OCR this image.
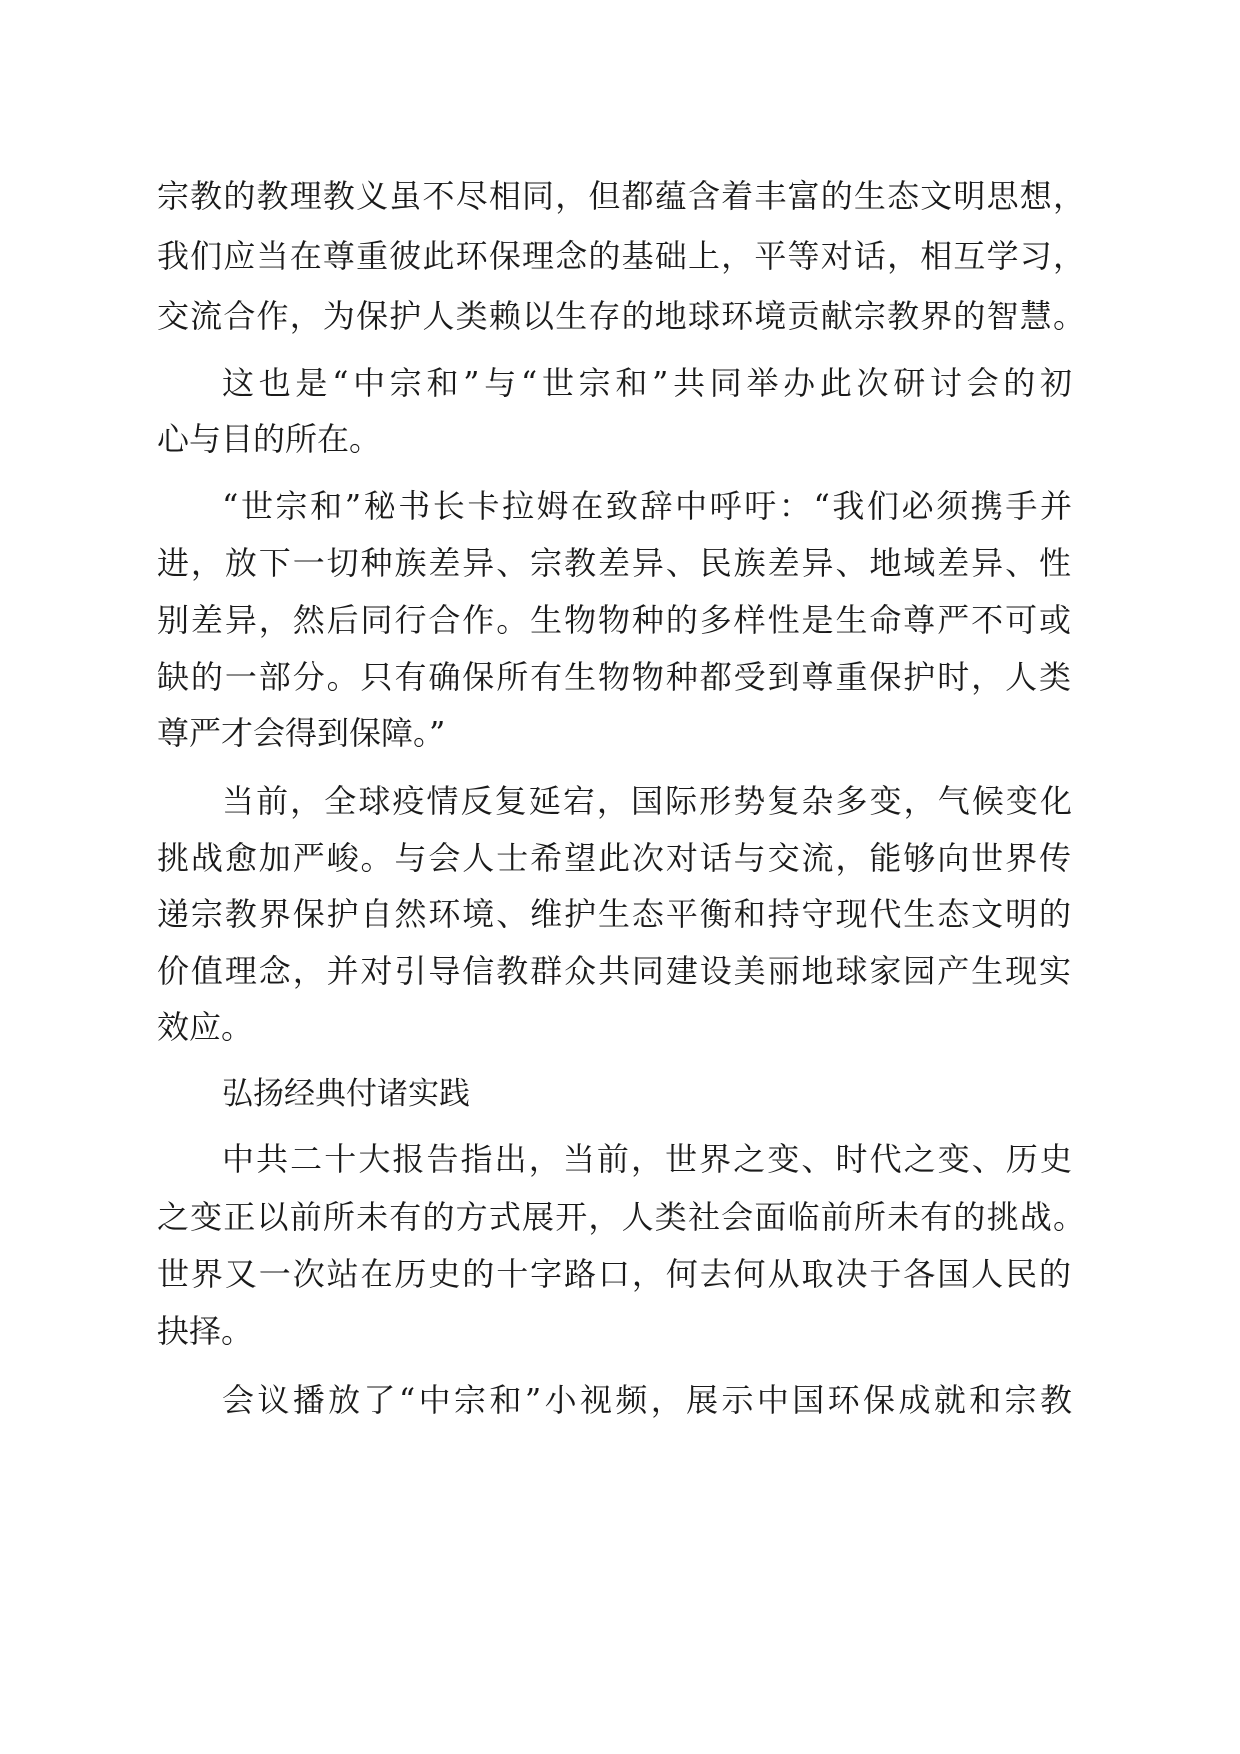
宗教的教理教义虽不尽相同，但都蕴含着丰富的生态文明思想，
我们应当在尊重彼此环保理念的基础上，平等对话，相互学习，
交流合作，为保护人类赖以生存的地球环境贡献宗教界的智慧。
这也是“中宗和”与“世宗和”共同举办此次研讨会的初
心与目的所在。
“世宗和”秘书长卡拉姆在致辞中呼吁：“我们必须携手并
进，放下一切种族差异、宗教差异、民族差异、地域差异、性
别差异，然后同行合作。生物物种的多样性是生命尊严不可或
缺的一部分。只有确保所有生物物种都受到尊重保护时，人类
尊严才会得到保障。”
当前，全球疫情反复延宕，国际形势复杂多变，气候变化
挑战愈加严峻。与会人士希望此次对话与交流，能够向世界传
递宗教界保护自然环境、维护生态平衡和持守现代生态文明的
价值理念，并对引导信教群众共同建设美丽地球家园产生现实
效应。
弘扬经典付诸实践
中共二十大报告指出，当前，世界之变、时代之变、历史
之变正以前所未有的方式展开，人类社会面临前所未有的挑战。
世界又一次站在历史的十字路口，何去何从取决于各国人民的
抉择。
会议播放了“中宗和”小视频，展示中国环保成就和宗教
